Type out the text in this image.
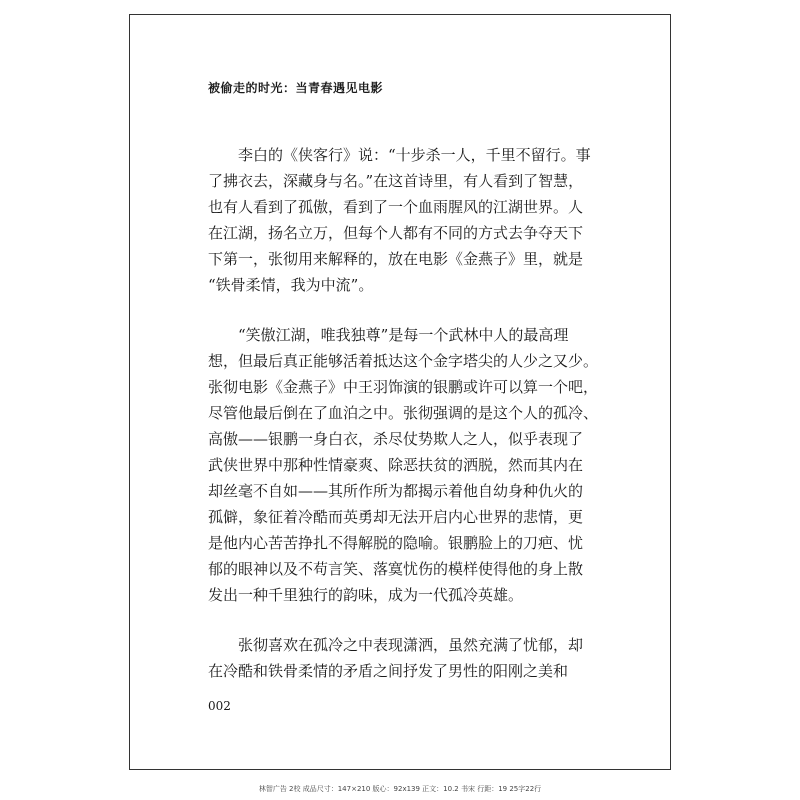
被偷走的时光：当青春遇见电影
李白的《侠客行》说：“十步杀一人，千里不留行。事
了拂衣去，深藏身与名。”在这首诗里，有人看到了智慧，
也有人看到了孤傲，看到了一个血雨腥风的江湖世界。人
在江湖，扬名立万，但每个人都有不同的方式去争夺天下
下第一，张彻用来解释的，放在电影《金燕子》里，就是
“铁骨柔情，我为中流”。
“笑傲江湖，唯我独尊”是每一个武林中人的最高理
想，但最后真正能够活着抵达这个金字塔尖的人少之又少。
张彻电影《金燕子》中王羽饰演的银鹏或许可以算一个吧，
尽管他最后倒在了血泊之中。张彻强调的是这个人的孤冷、
高傲——银鹏一身白衣，杀尽仗势欺人之人，似乎表现了
武侠世界中那种性情豪爽、除恶扶贫的洒脱，然而其内在
却丝毫不自如——其所作所为都揭示着他自幼身种仇火的
孤僻，象征着冷酷而英勇却无法开启内心世界的悲情，更
是他内心苦苦挣扎不得解脱的隐喻。银鹏脸上的刀疤、忧
郁的眼神以及不苟言笑、落寞忧伤的模样使得他的身上散
发出一种千里独行的韵味，成为一代孤冷英雄。
张彻喜欢在孤冷之中表现潇洒，虽然充满了忧郁，却
在冷酷和铁骨柔情的矛盾之间抒发了男性的阳刚之美和
002
林智广告 2校 成品尺寸：147×210 版心：92x139 正文：10.2 书宋 行距：19 25字22行
